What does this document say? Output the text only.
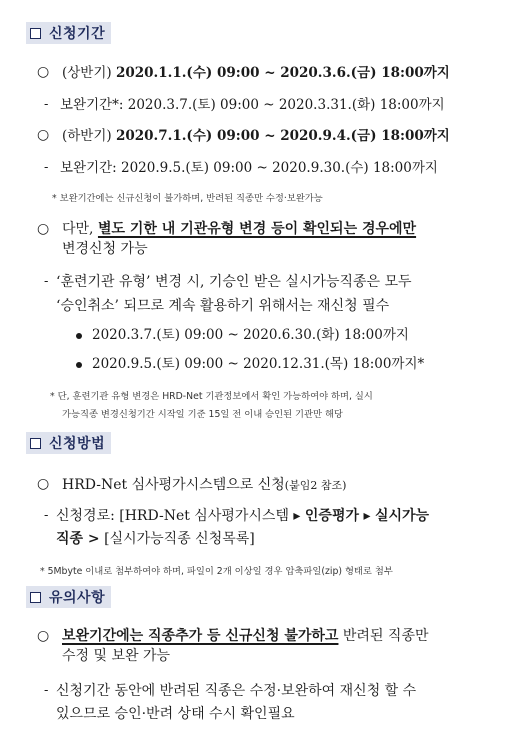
신청기간
○ (상반기) 2020.1.1.(수) 09:00 ~ 2020.3.6.(금) 18:00까지
- 보완기간*: 2020.3.7.(토) 09:00 ~ 2020.3.31.(화) 18:00까지
○ (하반기) 2020.7.1.(수) 09:00 ~ 2020.9.4.(금) 18:00까지
- 보완기간: 2020.9.5.(토) 09:00 ~ 2020.9.30.(수) 18:00까지
* 보완기간에는 신규신청이 불가하며, 반려된 직종만 수정·보완가능
○ 다만, 별도 기한 내 기관유형 변경 등이 확인되는 경우에만
변경신청 가능
- ‘훈련기관 유형’ 변경 시, 기승인 받은 실시가능직종은 모두
‘승인취소’ 되므로 계속 활용하기 위해서는 재신청 필수
2020.3.7.(토) 09:00 ~ 2020.6.30.(화) 18:00까지
2020.9.5.(토) 09:00 ~ 2020.12.31.(목) 18:00까지*
* 단, 훈련기관 유형 변경은 HRD-Net 기관정보에서 확인 가능하여야 하며, 실시
가능직종 변경신청기간 시작일 기준 15일 전 이내 승인된 기관만 해당
신청방법
○ HRD-Net 심사평가시스템으로 신청(붙임2 참조)
- 신청경로: [HRD-Net 심사평가시스템 ▸ 인증평가 ▸ 실시가능
직종 > [실시가능직종 신청목록]
* 5Mbyte 이내로 첨부하여야 하며, 파일이 2개 이상일 경우 압축파일(zip) 형태로 첨부
유의사항
○ 보완기간에는 직종추가 등 신규신청 불가하고 반려된 직종만
수정 및 보완 가능
- 신청기간 동안에 반려된 직종은 수정·보완하여 재신청 할 수
있으므로 승인·반려 상태 수시 확인필요
